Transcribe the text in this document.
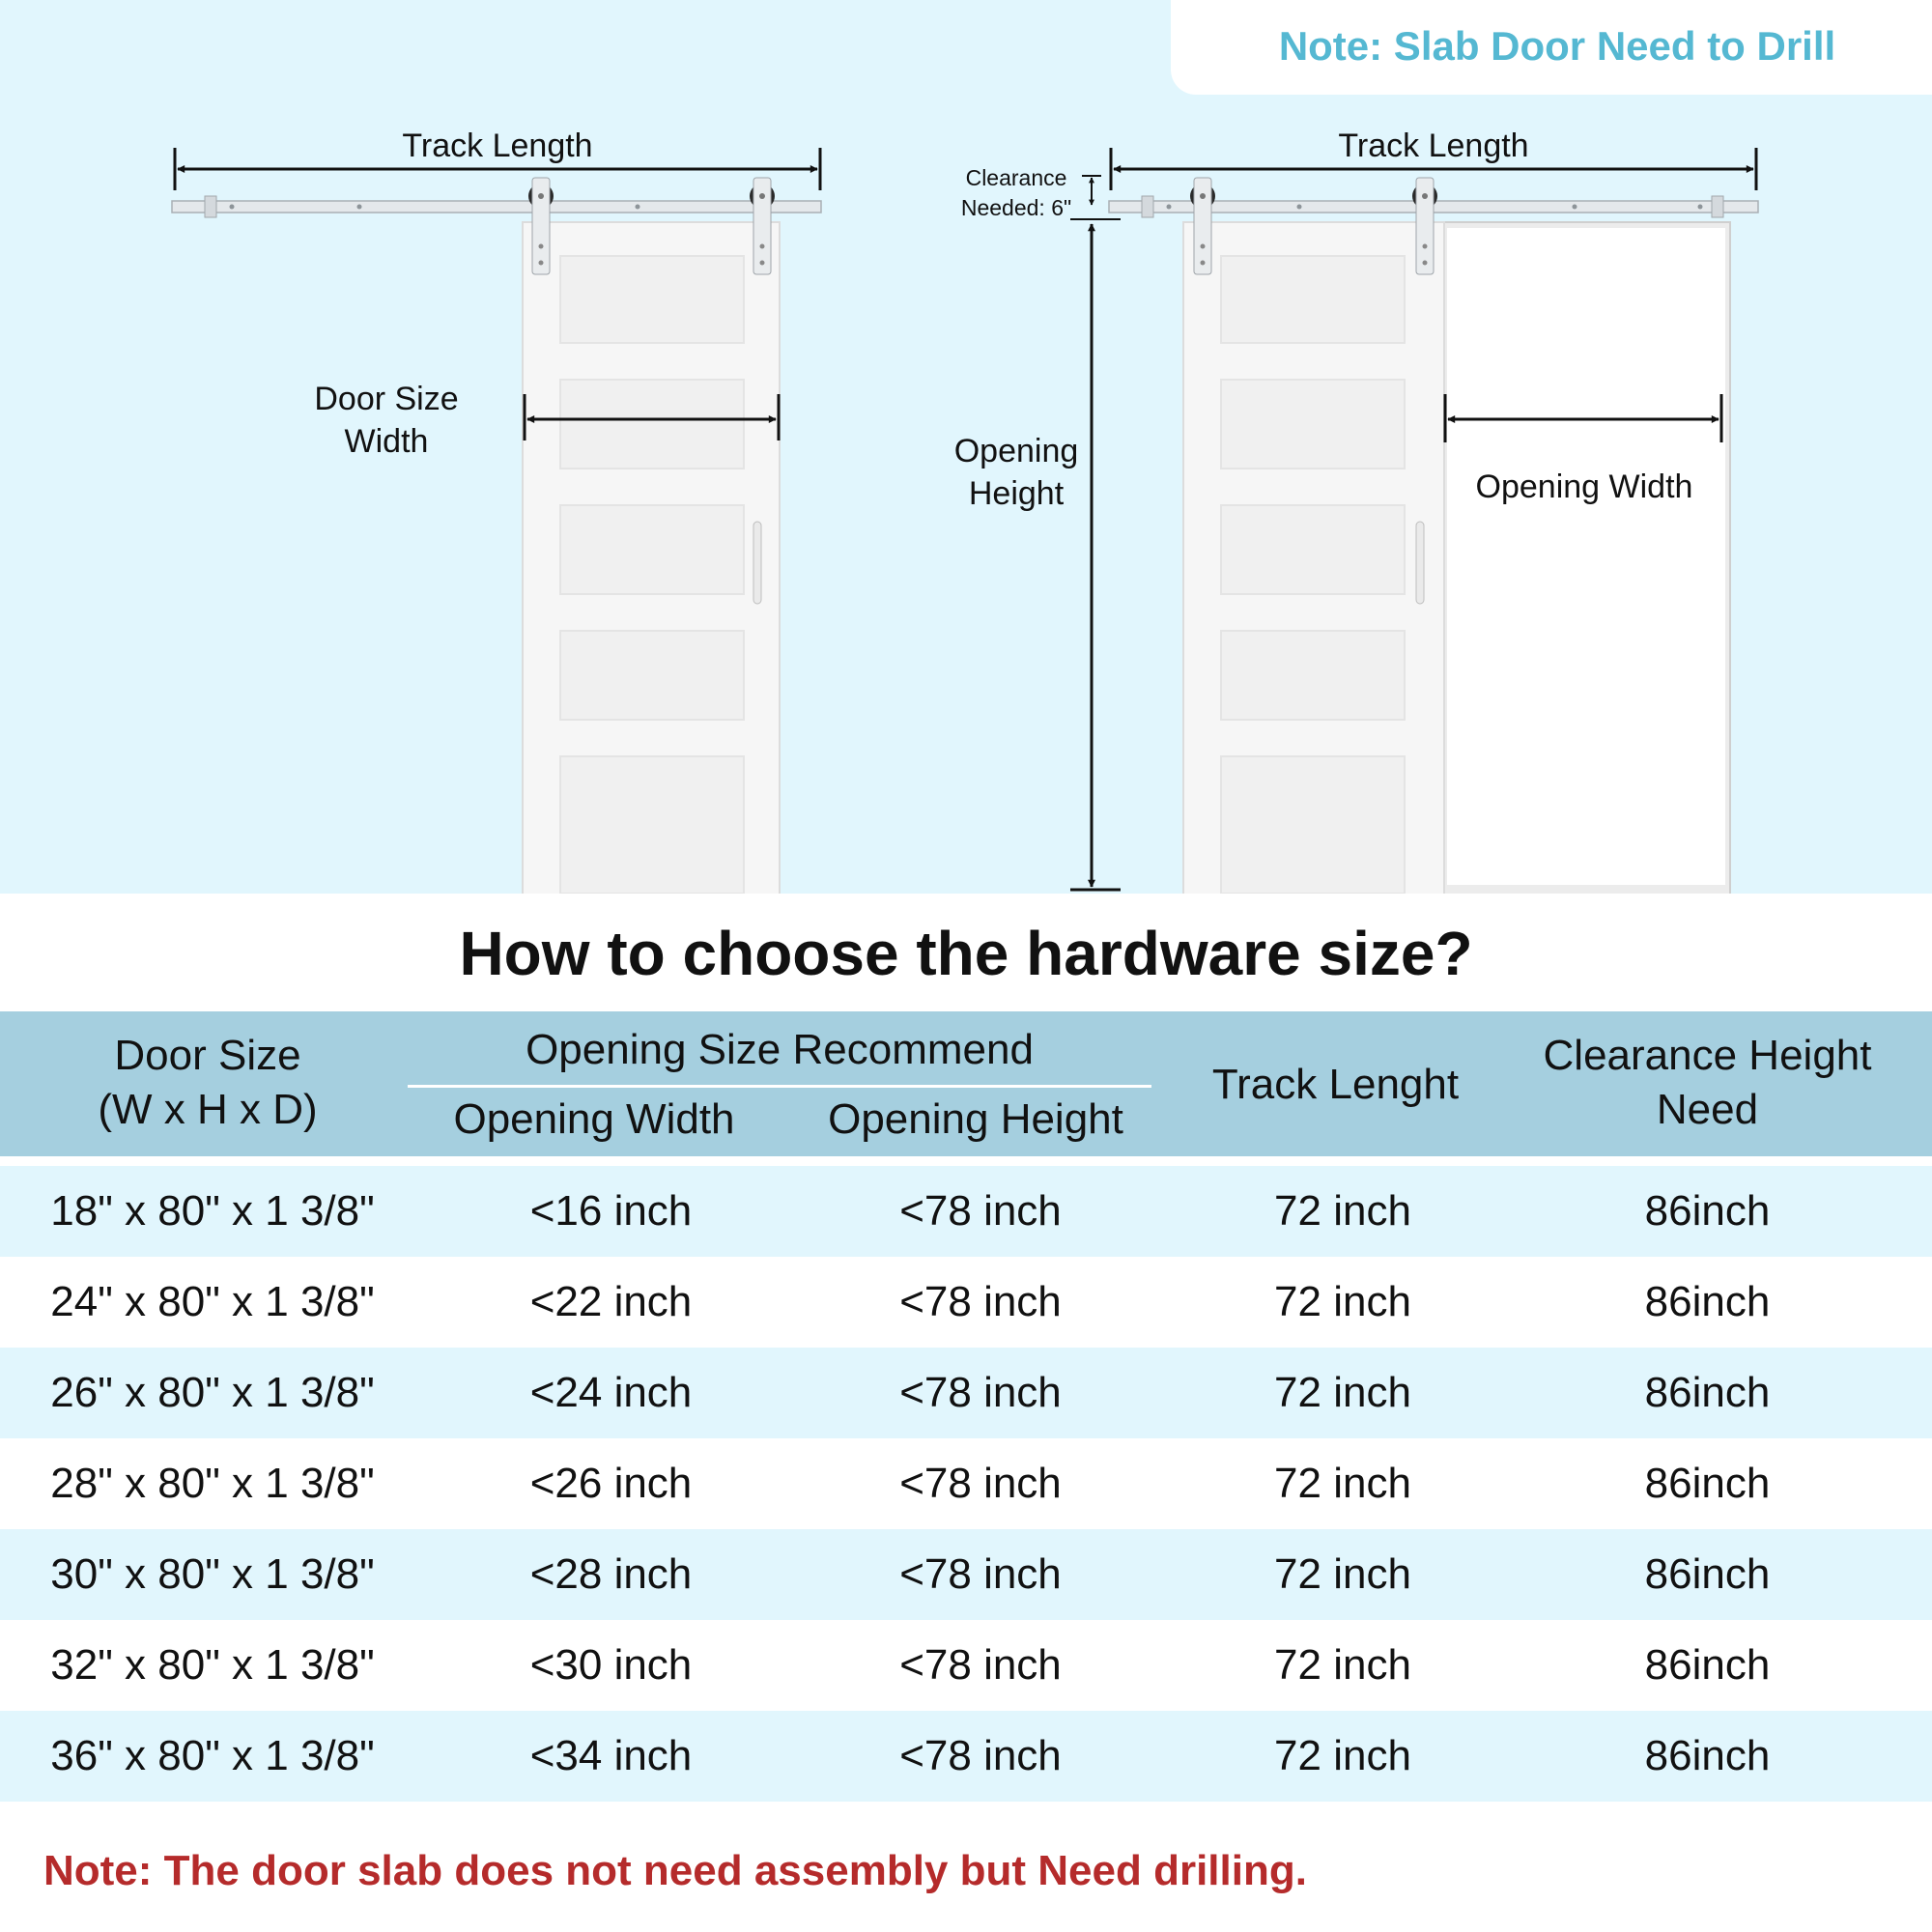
Note: Slab Door Need to Drill
Track Length
Door Size
Width
Track Length
Clearance
Needed: 6"
Opening
Height	Opening Width
How to choose the hardware size?
Door Size
(W x H x D)
Opening Size Recommend
Opening Width	Opening Height
Track Lenght
Clearance Height
Need
18" x 80" x 1 3/8"	<16 inch	<78 inch	72 inch	86inch
24" x 80" x 1 3/8"	<22 inch	<78 inch	72 inch	86inch
26" x 80" x 1 3/8"	<24 inch	<78 inch	72 inch	86inch
28" x 80" x 1 3/8"	<26 inch	<78 inch	72 inch	86inch
30" x 80" x 1 3/8"	<28 inch	<78 inch	72 inch	86inch
32" x 80" x 1 3/8"	<30 inch	<78 inch	72 inch	86inch
36" x 80" x 1 3/8"	<34 inch	<78 inch	72 inch	86inch
Note: The door slab does not need assembly but Need drilling.
